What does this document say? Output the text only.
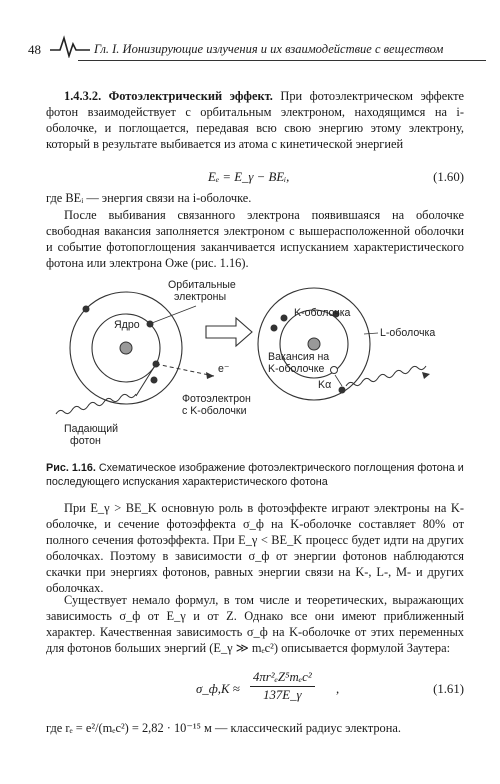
48	Гл. I. Ионизирующие излучения и их взаимодействие с веществом

1.4.3.2. Фотоэлектрический эффект. При фотоэлектрическом эффекте фотон взаимодействует с орбитальным электроном, находящимся на i-оболочке, и поглощается, передавая всю свою энергию этому электрону, который в результате выбивается из атома с кинетической энергией

Eₑ = E_γ − BEᵢ,	(1.60)

где BEᵢ — энергия связи на i-оболочке.

После выбивания связанного электрона появившаяся на оболочке свободная вакансия заполняется электроном с вышерасположенной оболочки и событие фотопоглощения заканчивается испусканием характеристического фотона или электрона Оже (рис. 1.16).

Орбитальные
электроны
Ядро
e⁻
Фотоэлектрон
с K-оболочки
Падающий
фотон
K-оболочка
L-оболочка
Вакансия на
K-оболочке
Kα
Рис. 1.16. Схематическое изображение фотоэлектрического поглощения фотона и последующего испускания характеристического фотона

При E_γ > BE_K основную роль в фотоэффекте играют электроны на K-оболочке, и сечение фотоэффекта σ_ф на K-оболочке составляет 80% от полного сечения фотоэффекта. При E_γ < BE_K процесс будет идти на других оболочках. Поэтому в зависимости σ_ф от энергии фотонов наблюдаются скачки при энергиях фотонов, равных энергии связи на K-, L-, M- и других оболочках.

Существует немало формул, в том числе и теоретических, выражающих зависимость σ_ф от E_γ и от Z. Однако все они имеют приближенный характер. Качественная зависимость σ_ф на K-оболочке от этих переменных для фотонов больших энергий (E_γ ≫ mₑc²) описывается формулой Заутера:

σ_ф,K ≈
4πr²ₑZ⁵mₑc²
137E_γ	,	(1.61)

где rₑ = e²/(mₑc²) = 2,82 · 10⁻¹⁵ м — классический радиус электрона.
